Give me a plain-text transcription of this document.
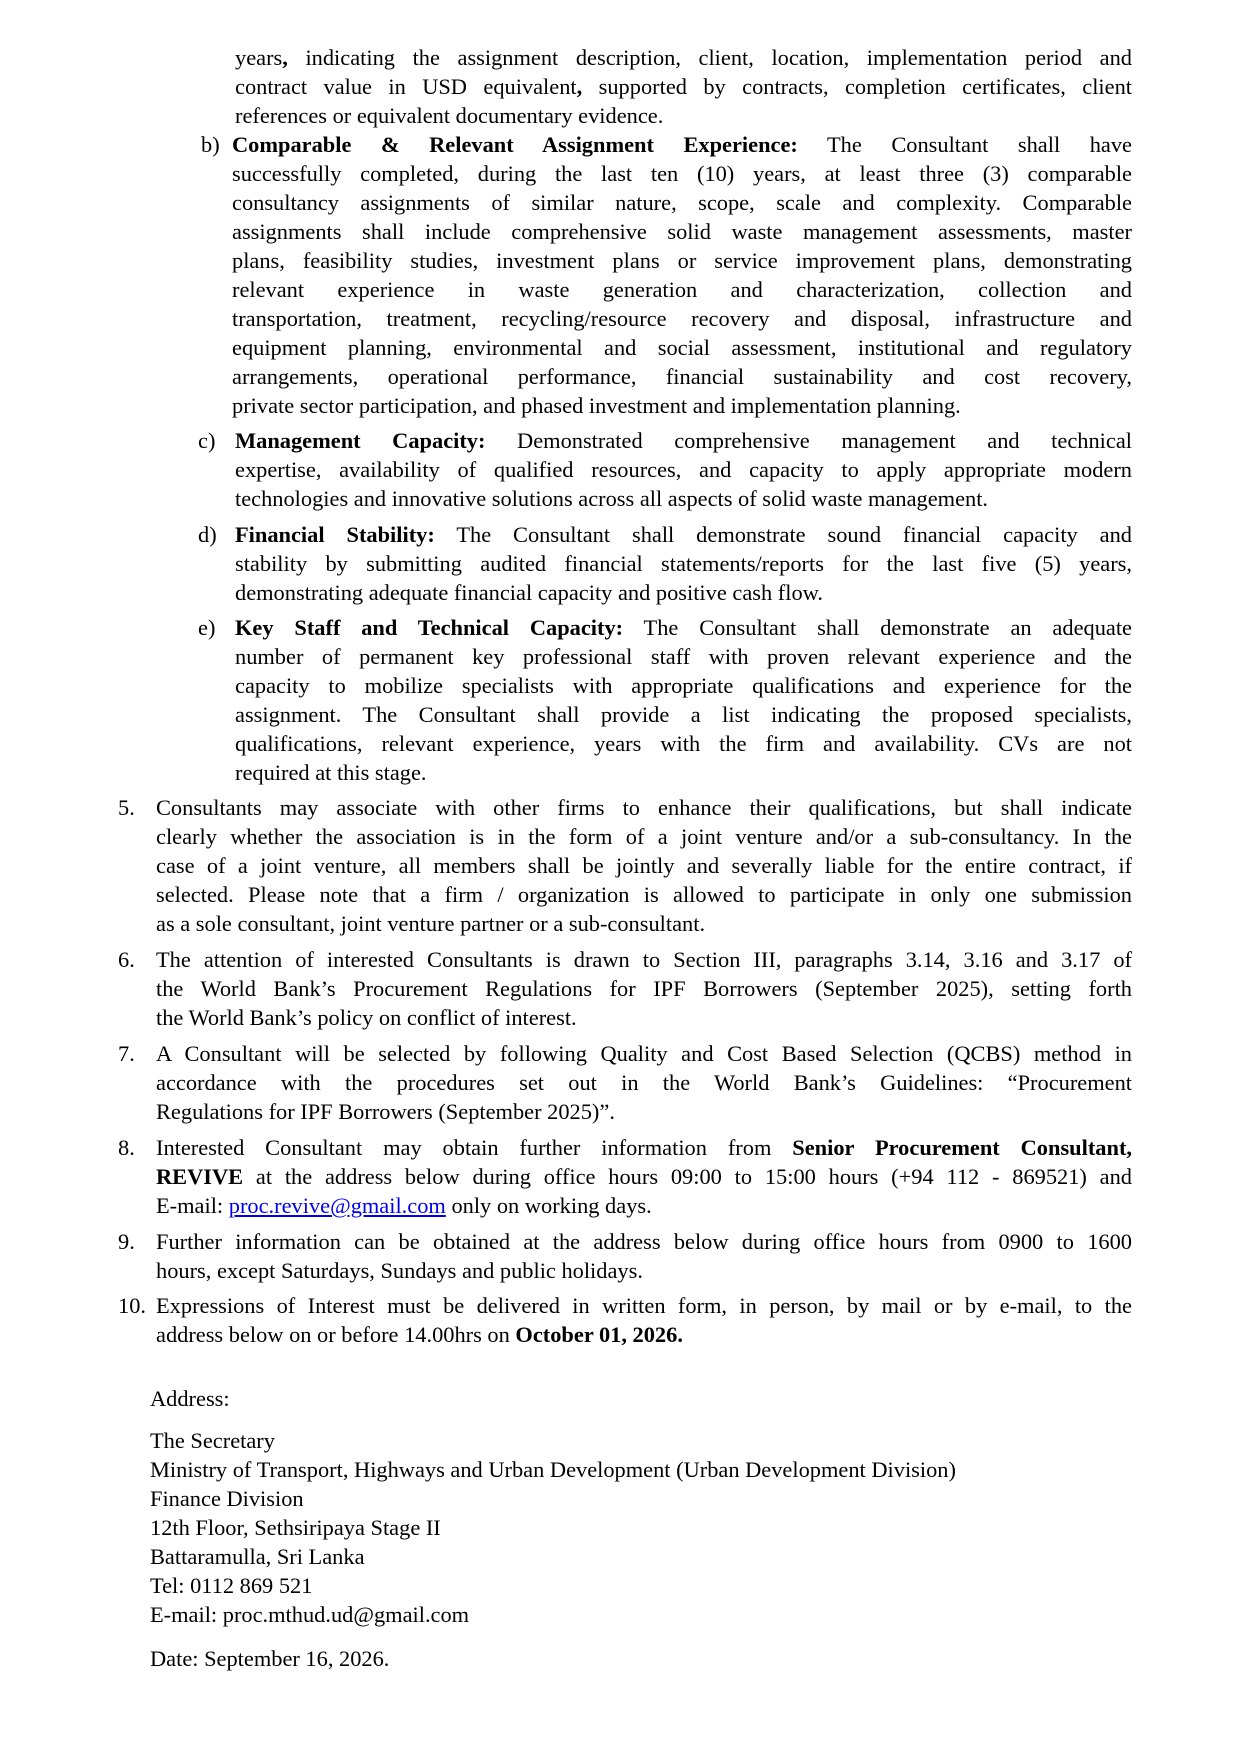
years, indicating the assignment description, client, location, implementation period and
contract value in USD equivalent, supported by contracts, completion certificates, client
references or equivalent documentary evidence.
b) Comparable & Relevant Assignment Experience: The Consultant shall have
successfully completed, during the last ten (10) years, at least three (3) comparable
consultancy assignments of similar nature, scope, scale and complexity. Comparable
assignments shall include comprehensive solid waste management assessments, master
plans, feasibility studies, investment plans or service improvement plans, demonstrating
relevant experience in waste generation and characterization, collection and
transportation, treatment, recycling/resource recovery and disposal, infrastructure and
equipment planning, environmental and social assessment, institutional and regulatory
arrangements, operational performance, financial sustainability and cost recovery,
private sector participation, and phased investment and implementation planning.
c) Management Capacity: Demonstrated comprehensive management and technical
expertise, availability of qualified resources, and capacity to apply appropriate modern
technologies and innovative solutions across all aspects of solid waste management.
d) Financial Stability: The Consultant shall demonstrate sound financial capacity and
stability by submitting audited financial statements/reports for the last five (5) years,
demonstrating adequate financial capacity and positive cash flow.
e) Key Staff and Technical Capacity: The Consultant shall demonstrate an adequate
number of permanent key professional staff with proven relevant experience and the
capacity to mobilize specialists with appropriate qualifications and experience for the
assignment. The Consultant shall provide a list indicating the proposed specialists,
qualifications, relevant experience, years with the firm and availability. CVs are not
required at this stage.
5. Consultants may associate with other firms to enhance their qualifications, but shall indicate
clearly whether the association is in the form of a joint venture and/or a sub-consultancy. In the
case of a joint venture, all members shall be jointly and severally liable for the entire contract, if
selected. Please note that a firm / organization is allowed to participate in only one submission
as a sole consultant, joint venture partner or a sub-consultant.
6. The attention of interested Consultants is drawn to Section III, paragraphs 3.14, 3.16 and 3.17 of
the World Bank’s Procurement Regulations for IPF Borrowers (September 2025), setting forth
the World Bank’s policy on conflict of interest.
7. A Consultant will be selected by following Quality and Cost Based Selection (QCBS) method in
accordance with the procedures set out in the World Bank’s Guidelines: “Procurement
Regulations for IPF Borrowers (September 2025)”.
8. Interested Consultant may obtain further information from Senior Procurement Consultant,
REVIVE at the address below during office hours 09:00 to 15:00 hours (+94 112 - 869521) and
E-mail: proc.revive@gmail.com only on working days.
9. Further information can be obtained at the address below during office hours from 0900 to 1600
hours, except Saturdays, Sundays and public holidays.
10. Expressions of Interest must be delivered in written form, in person, by mail or by e-mail, to the
address below on or before 14.00hrs on October 01, 2026.
Address:
The Secretary
Ministry of Transport, Highways and Urban Development (Urban Development Division)
Finance Division
12th Floor, Sethsiripaya Stage II
Battaramulla, Sri Lanka
Tel: 0112 869 521
E-mail: proc.mthud.ud@gmail.com
Date: September 16, 2026.
